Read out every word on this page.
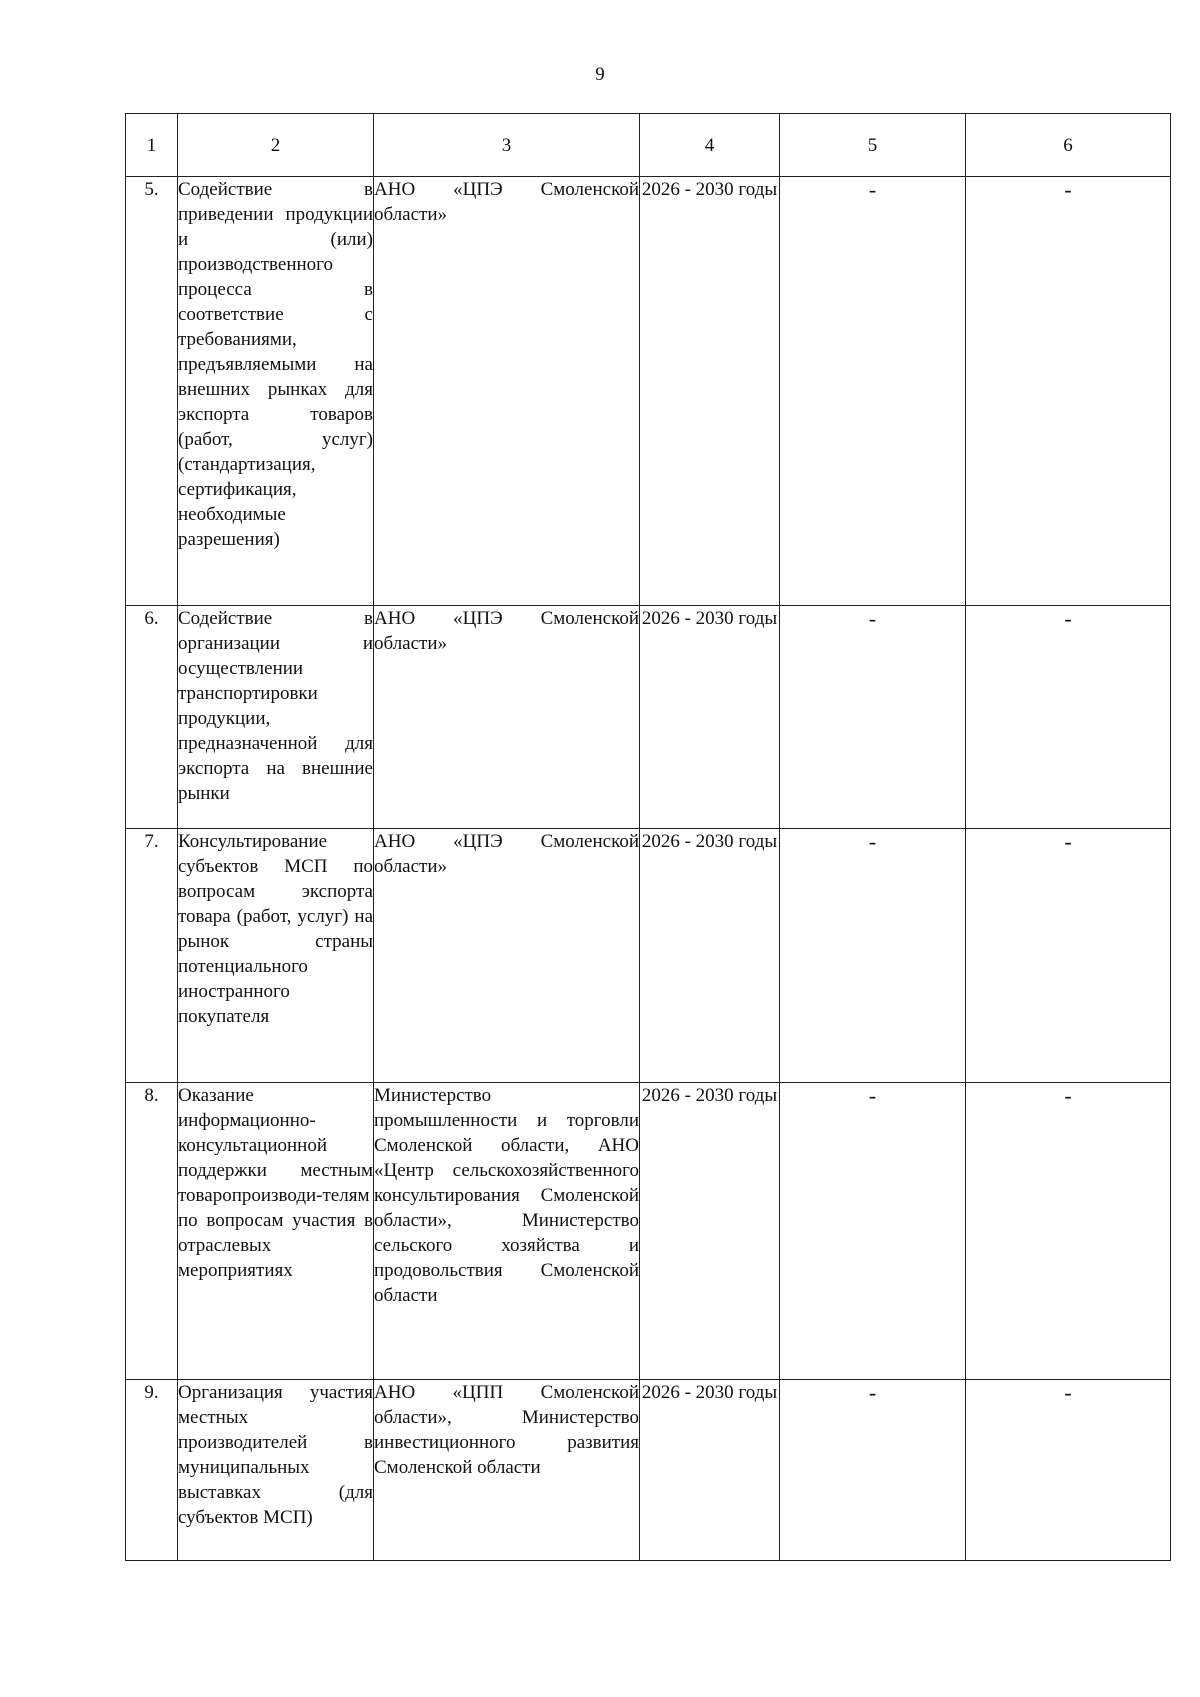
9
1	2	3	4	5	6
5.	Содействие в приведении продукции и (или) производственного процесса в соответствие с требованиями, предъявляемыми на внешних рынках для экспорта товаров (работ, услуг) (стандартизация, сертификация, необходимые разрешения)	АНО «ЦПЭ Смоленской области»	2026 - 2030 годы	-	-
6.	Содействие в организации и осуществлении транспортировки продукции, предназначенной для экспорта на внешние рынки	АНО «ЦПЭ Смоленской области»	2026 - 2030 годы	-	-
7.	Консультирование субъектов МСП по вопросам экспорта товара (работ, услуг) на рынок страны потенциального иностранного покупателя	АНО «ЦПЭ Смоленской области»	2026 - 2030 годы	-	-
8.	Оказание информационно-консультационной поддержки местным товаропроизводи-телям по вопросам участия в отраслевых мероприятиях	Министерство промышленности и торговли Смоленской области, АНО «Центр сельскохозяйственного консультирования Смоленской области», Министерство сельского хозяйства и продовольствия Смоленской области	2026 - 2030 годы	-	-
9.	Организация участия местных производителей в муниципальных выставках (для субъектов МСП)	АНО «ЦПП Смоленской области», Министерство инвестиционного развития Смоленской области	2026 - 2030 годы	-	-
